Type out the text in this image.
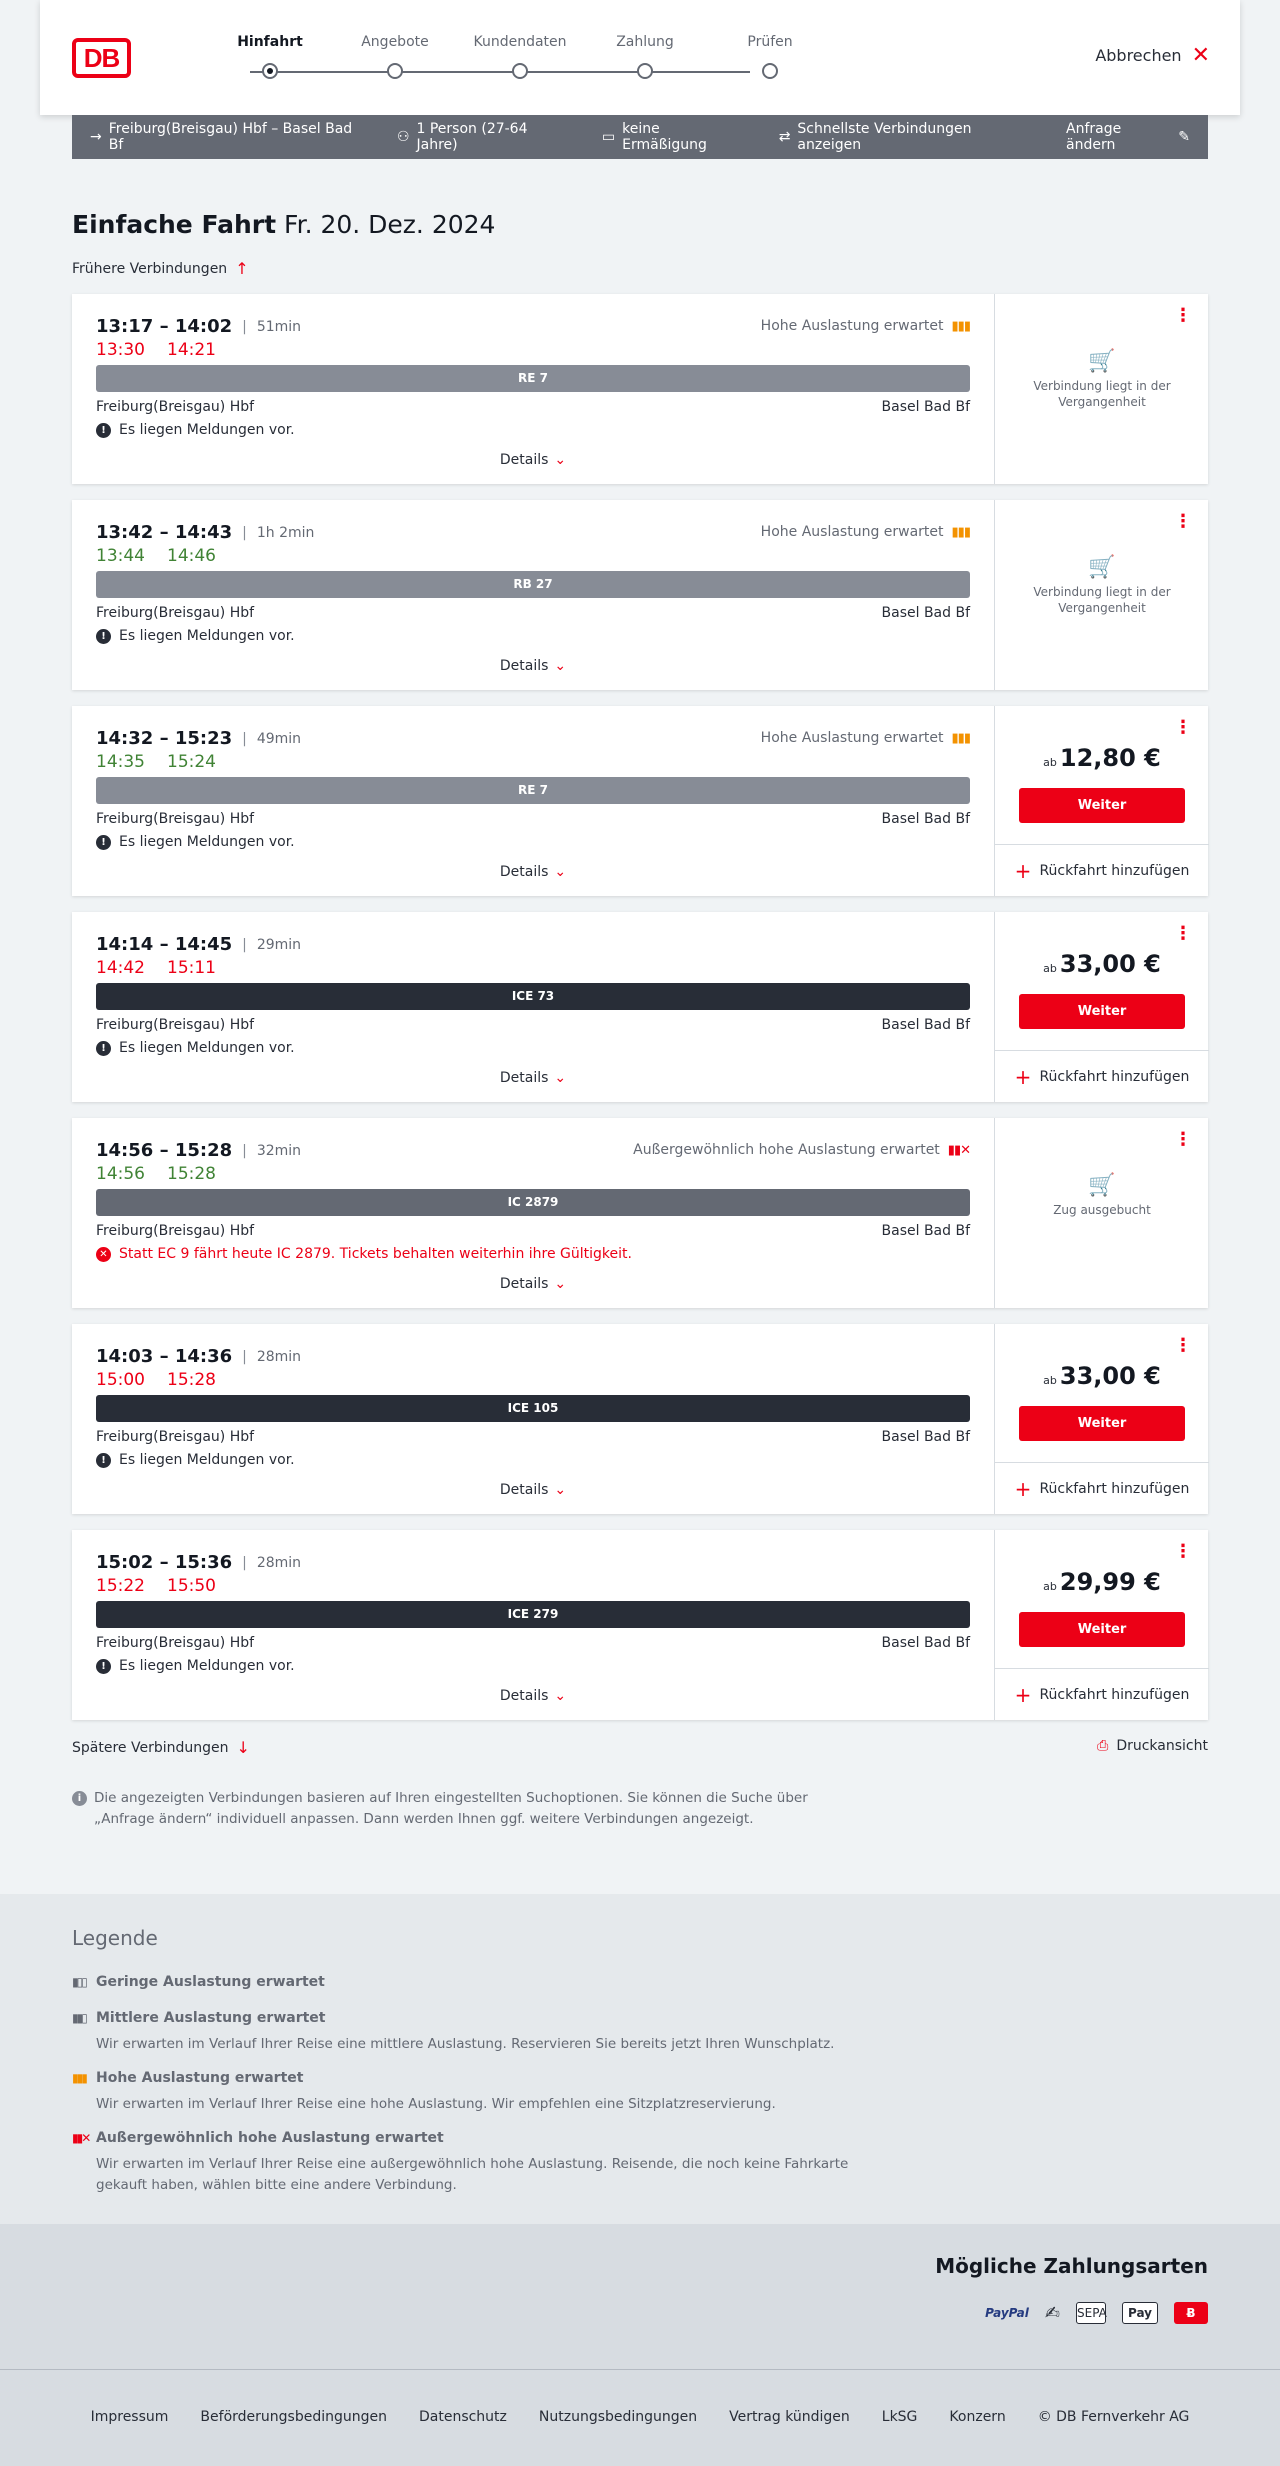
DB
Hinfahrt	Angebote	Kundendaten	Zahlung	Prüfen
Abbrechen ✕
→ Freiburg(Breisgau) Hbf – Basel Bad Bf	⚇ 1 Person (27-64 Jahre)	▭ keine Ermäßigung	⇄ Schnellste Verbindungen anzeigen
Anfrage ändern	✎
Einfache Fahrt Fr. 20. Dez. 2024
Frühere Verbindungen ↑
13:17 – 14:02 | 51min
13:30 14:21
Hohe Auslastung erwartet ▮▮▮
RE 7
Freiburg(Breisgau) Hbf	Basel Bad Bf
! Es liegen Meldungen vor.
Details ⌄
⋮
🛒
Verbindung liegt in der Vergangenheit
13:42 – 14:43 | 1h 2min
13:44 14:46
Hohe Auslastung erwartet ▮▮▮
RB 27
Freiburg(Breisgau) Hbf	Basel Bad Bf
! Es liegen Meldungen vor.
Details ⌄
⋮
🛒
Verbindung liegt in der Vergangenheit
14:32 – 15:23 | 49min
14:35 15:24
Hohe Auslastung erwartet ▮▮▮
RE 7
Freiburg(Breisgau) Hbf	Basel Bad Bf
! Es liegen Meldungen vor.
Details ⌄
⋮
ab 12,80 €
Weiter
+ Rückfahrt hinzufügen
14:14 – 14:45 | 29min
14:42 15:11
ICE 73
Freiburg(Breisgau) Hbf	Basel Bad Bf
! Es liegen Meldungen vor.
Details ⌄
⋮
ab 33,00 €
Weiter
+ Rückfahrt hinzufügen
14:56 – 15:28 | 32min
14:56 15:28
Außergewöhnlich hohe Auslastung erwartet ▮▮✕
IC 2879
Freiburg(Breisgau) Hbf	Basel Bad Bf
✕ Statt EC 9 fährt heute IC 2879. Tickets behalten weiterhin ihre Gültigkeit.
Details ⌄
⋮
🛒
Zug ausgebucht
14:03 – 14:36 | 28min
15:00 15:28
ICE 105
Freiburg(Breisgau) Hbf	Basel Bad Bf
! Es liegen Meldungen vor.
Details ⌄
⋮
ab 33,00 €
Weiter
+ Rückfahrt hinzufügen
15:02 – 15:36 | 28min
15:22 15:50
ICE 279
Freiburg(Breisgau) Hbf	Basel Bad Bf
! Es liegen Meldungen vor.
Details ⌄
⋮
ab 29,99 €
Weiter
+ Rückfahrt hinzufügen
Spätere Verbindungen ↓	⎙ Druckansicht
i Die angezeigten Verbindungen basieren auf Ihren eingestellten Suchoptionen. Sie können die Suche über „Anfrage ändern“ individuell anpassen. Dann werden Ihnen ggf. weitere Verbindungen angezeigt.
Legende
▮▯▯ Geringe Auslastung erwartet
▮▮▯ Mittlere Auslastung erwartet
Wir erwarten im Verlauf Ihrer Reise eine mittlere Auslastung. Reservieren Sie bereits jetzt Ihren Wunschplatz.
▮▮▮ Hohe Auslastung erwartet
Wir erwarten im Verlauf Ihrer Reise eine hohe Auslastung. Wir empfehlen eine Sitzplatzreservierung.
▮▮✕ Außergewöhnlich hohe Auslastung erwartet
Wir erwarten im Verlauf Ihrer Reise eine außergewöhnlich hohe Auslastung. Reisende, die noch keine Fahrkarte gekauft haben, wählen bitte eine andere Verbindung.
Mögliche Zahlungsarten
PayPal ✍ SEPA	Pay	Ƀ
Impressum Beförderungsbedingungen Datenschutz Nutzungsbedingungen Vertrag kündigen LkSG Konzern © DB Fernverkehr AG
